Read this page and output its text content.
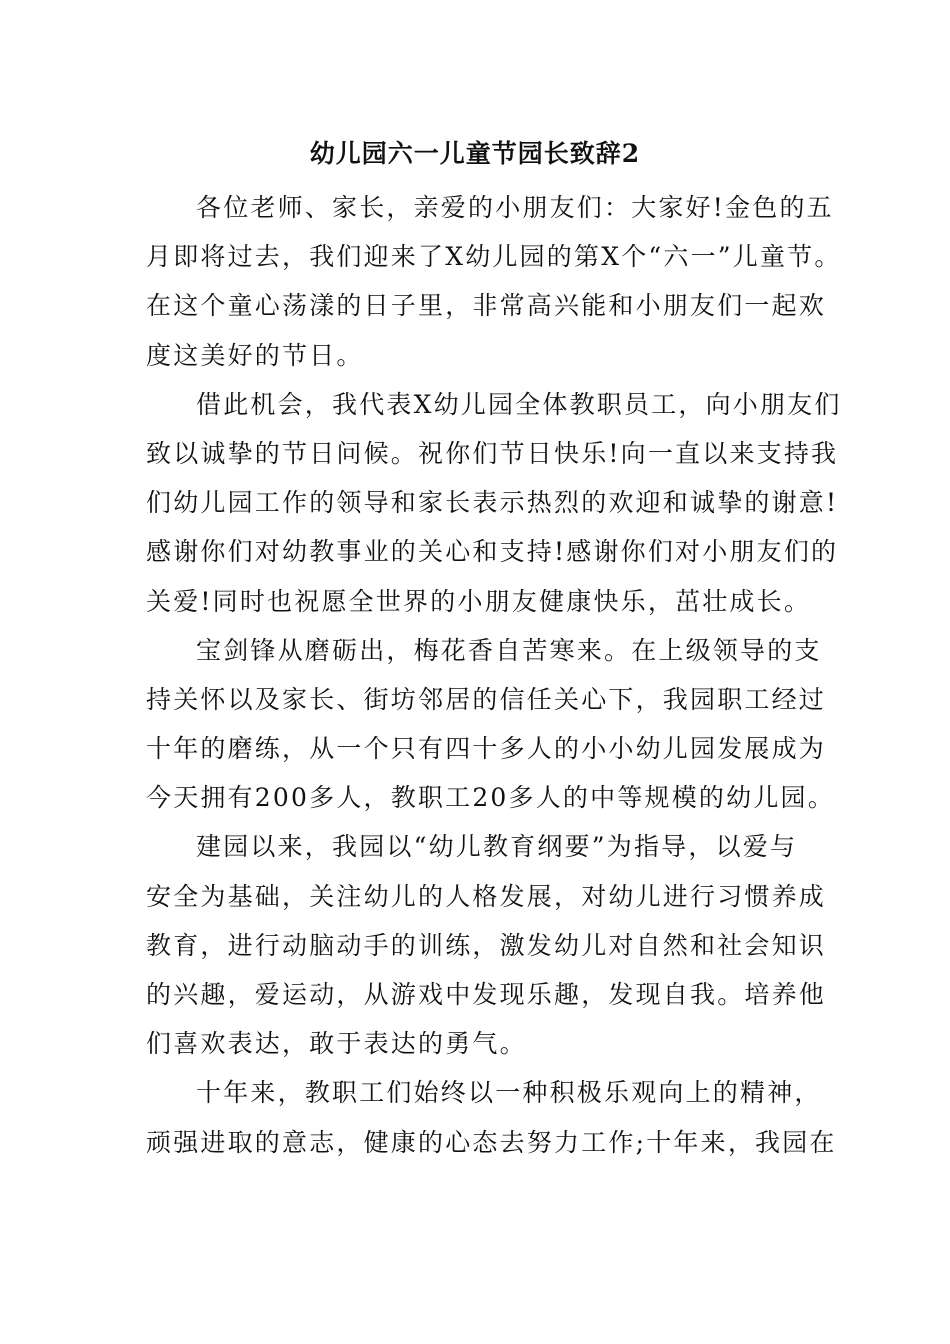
幼儿园六一儿童节园长致辞2
各位老师、家长，亲爱的小朋友们：大家好!金色的五
月即将过去，我们迎来了X幼儿园的第X个“六一”儿童节。
在这个童心荡漾的日子里，非常高兴能和小朋友们一起欢
度这美好的节日。
借此机会，我代表X幼儿园全体教职员工，向小朋友们
致以诚挚的节日问候。祝你们节日快乐!向一直以来支持我
们幼儿园工作的领导和家长表示热烈的欢迎和诚挚的谢意!
感谢你们对幼教事业的关心和支持!感谢你们对小朋友们的
关爱!同时也祝愿全世界的小朋友健康快乐，茁壮成长。
宝剑锋从磨砺出，梅花香自苦寒来。在上级领导的支
持关怀以及家长、街坊邻居的信任关心下，我园职工经过
十年的磨练，从一个只有四十多人的小小幼儿园发展成为
今天拥有200多人，教职工20多人的中等规模的幼儿园。
建园以来，我园以“幼儿教育纲要”为指导，以爱与
安全为基础，关注幼儿的人格发展，对幼儿进行习惯养成
教育，进行动脑动手的训练，激发幼儿对自然和社会知识
的兴趣，爱运动，从游戏中发现乐趣，发现自我。培养他
们喜欢表达，敢于表达的勇气。
十年来，教职工们始终以一种积极乐观向上的精神，
顽强进取的意志，健康的心态去努力工作;十年来，我园在
